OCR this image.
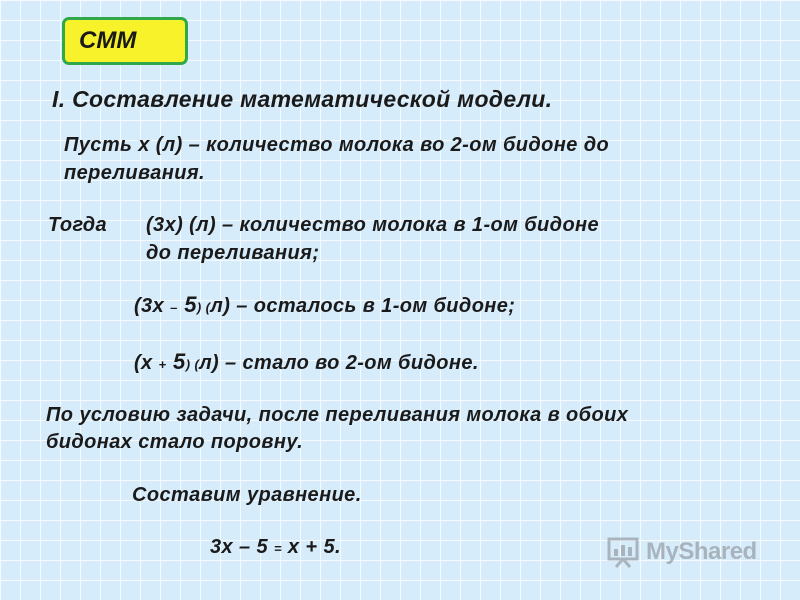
СММ
I. Составление математической модели.
Пусть х (л) – количество молока во 2-ом бидоне до
переливания.
Тогда (3х) (л) – количество молока в 1-ом бидоне
до переливания;
(3х – 5) (л) – осталось в 1-ом бидоне;
(х + 5) (л) – стало во 2-ом бидоне.
По условию задачи, после переливания молока в обоих
бидонах стало поровну.
Составим уравнение.
3х – 5 = х + 5.	MyShared
